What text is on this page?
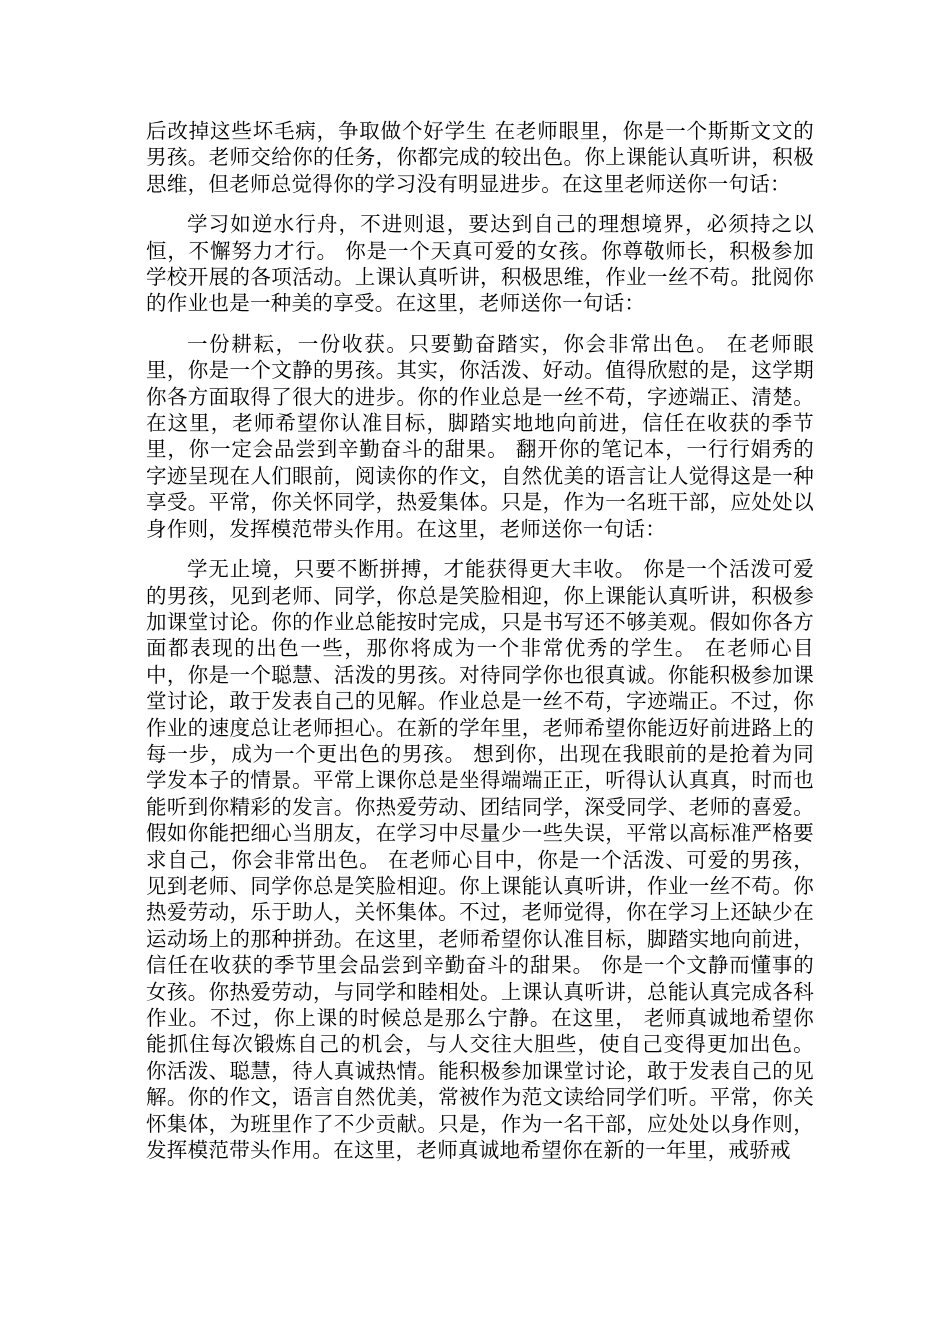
后改掉这些坏毛病，争取做个好学生 在老师眼里，你是一个斯斯文文的男孩。老师交给你的任务，你都完成的较出色。你上课能认真听讲，积极思维，但老师总觉得你的学习没有明显进步。在这里老师送你一句话：

学习如逆水行舟，不进则退，要达到自己的理想境界，必须持之以恒，不懈努力才行。 你是一个天真可爱的女孩。你尊敬师长，积极参加学校开展的各项活动。上课认真听讲，积极思维，作业一丝不苟。批阅你的作业也是一种美的享受。在这里，老师送你一句话：

一份耕耘，一份收获。只要勤奋踏实，你会非常出色。 在老师眼里，你是一个文静的男孩。其实，你活泼、好动。值得欣慰的是，这学期你各方面取得了很大的进步。你的作业总是一丝不苟，字迹端正、清楚。在这里，老师希望你认准目标，脚踏实地地向前进，信任在收获的季节里，你一定会品尝到辛勤奋斗的甜果。 翻开你的笔记本，一行行娟秀的字迹呈现在人们眼前，阅读你的作文，自然优美的语言让人觉得这是一种享受。平常，你关怀同学，热爱集体。只是，作为一名班干部，应处处以身作则，发挥模范带头作用。在这里，老师送你一句话：

学无止境，只要不断拼搏，才能获得更大丰收。 你是一个活泼可爱的男孩，见到老师、同学，你总是笑脸相迎，你上课能认真听讲，积极参加课堂讨论。你的作业总能按时完成，只是书写还不够美观。假如你各方面都表现的出色一些，那你将成为一个非常优秀的学生。 在老师心目中，你是一个聪慧、活泼的男孩。对待同学你也很真诚。你能积极参加课堂讨论，敢于发表自己的见解。作业总是一丝不苟，字迹端正。不过，你作业的速度总让老师担心。在新的学年里，老师希望你能迈好前进路上的每一步，成为一个更出色的男孩。 想到你，出现在我眼前的是抢着为同学发本子的情景。平常上课你总是坐得端端正正，听得认认真真，时而也能听到你精彩的发言。你热爱劳动、团结同学，深受同学、老师的喜爱。假如你能把细心当朋友，在学习中尽量少一些失误，平常以高标准严格要求自己，你会非常出色。 在老师心目中，你是一个活泼、可爱的男孩，见到老师、同学你总是笑脸相迎。你上课能认真听讲，作业一丝不苟。你热爱劳动，乐于助人，关怀集体。不过，老师觉得，你在学习上还缺少在运动场上的那种拼劲。在这里，老师希望你认准目标，脚踏实地向前进，信任在收获的季节里会品尝到辛勤奋斗的甜果。 你是一个文静而懂事的女孩。你热爱劳动，与同学和睦相处。上课认真听讲，总能认真完成各科作业。不过，你上课的时候总是那么宁静。在这里， 老师真诚地希望你能抓住每次锻炼自己的机会，与人交往大胆些，使自己变得更加出色。 你活泼、聪慧，待人真诚热情。能积极参加课堂讨论，敢于发表自己的见解。你的作文，语言自然优美，常被作为范文读给同学们听。平常，你关怀集体，为班里作了不少贡献。只是，作为一名干部，应处处以身作则，发挥模范带头作用。在这里，老师真诚地希望你在新的一年里，戒骄戒
